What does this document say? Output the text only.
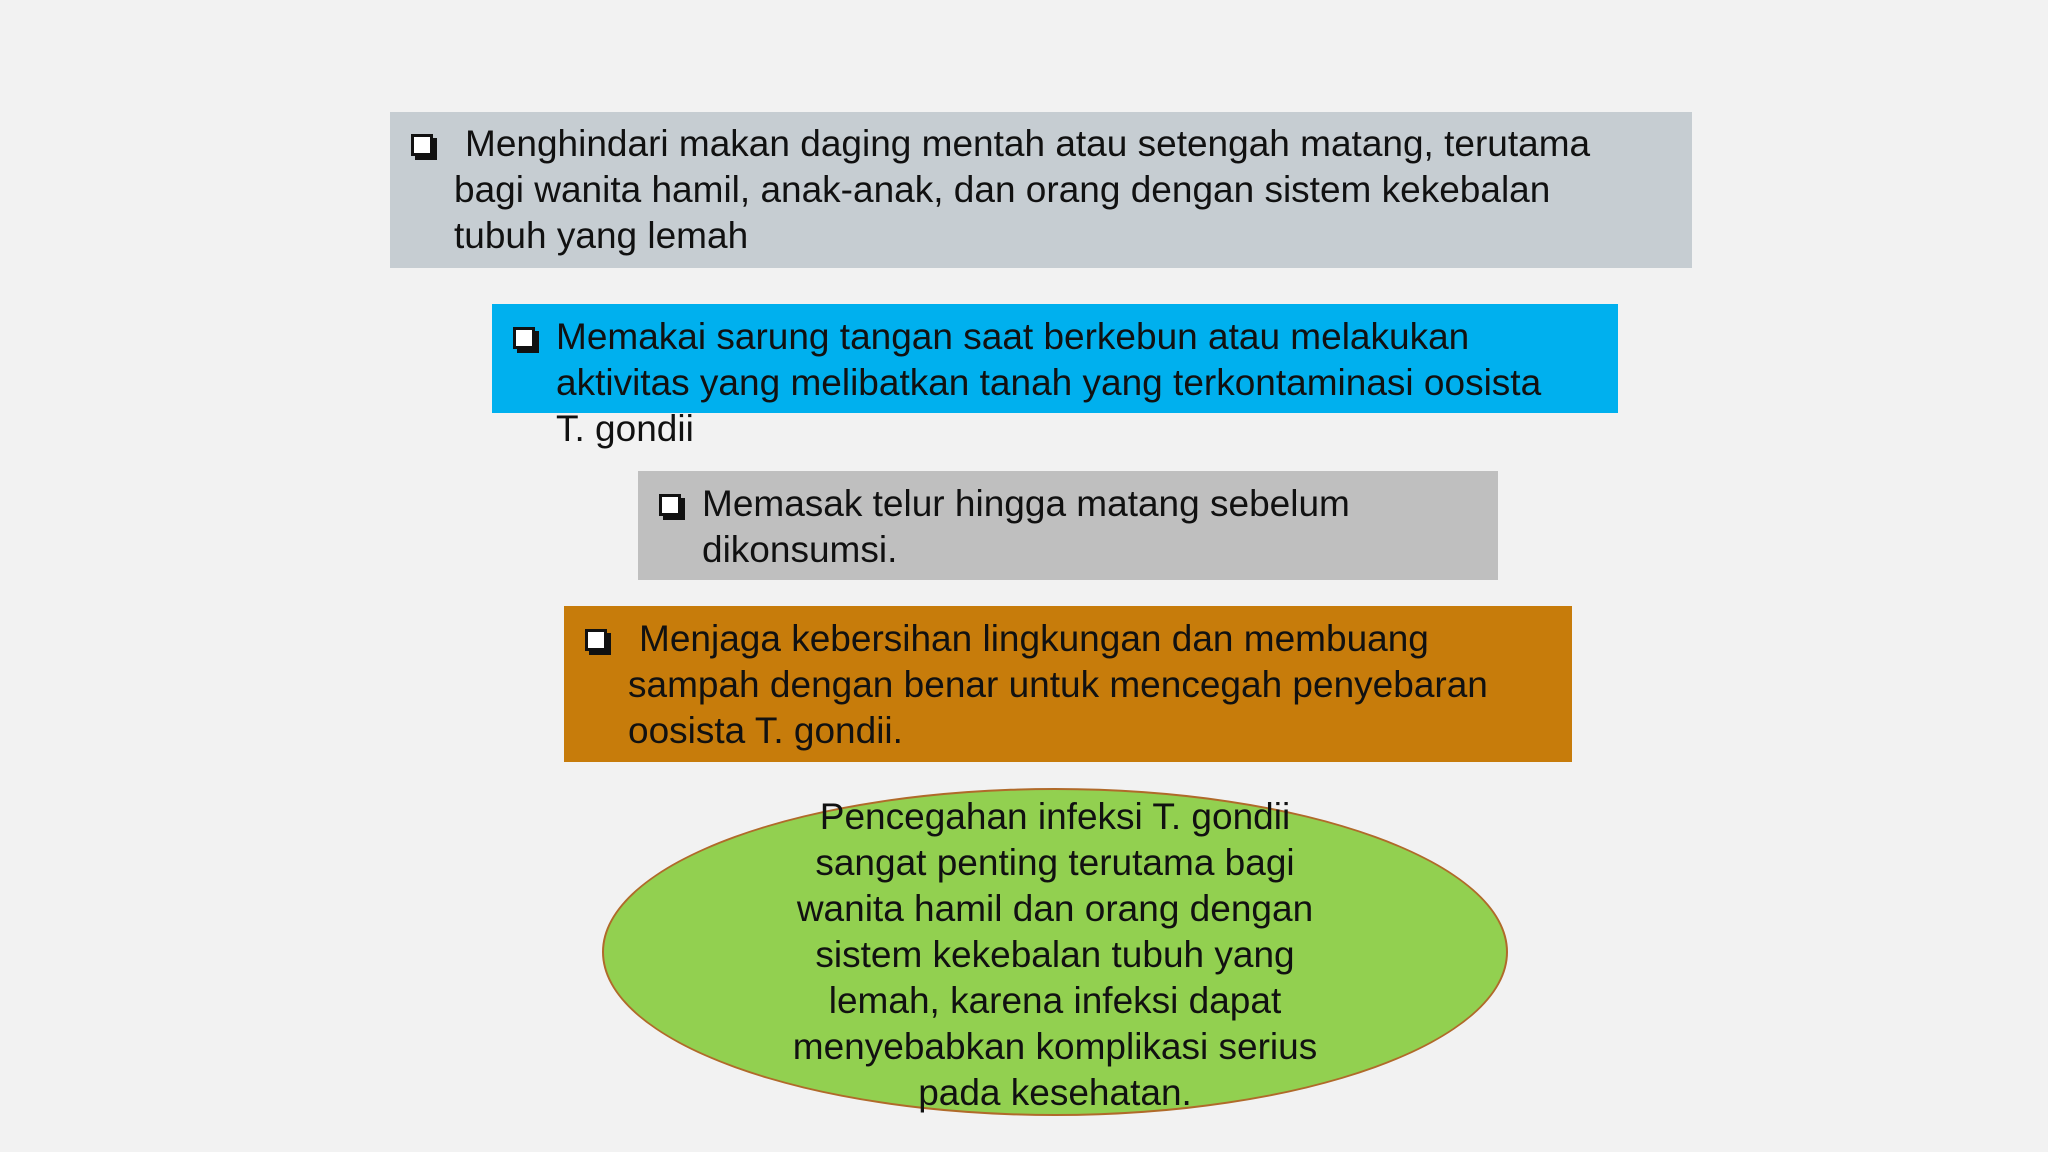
Menghindari makan daging mentah atau setengah matang, terutama
bagi wanita hamil, anak-anak, dan orang dengan sistem kekebalan
tubuh yang lemah
Memakai sarung tangan saat berkebun atau melakukan
aktivitas yang melibatkan tanah yang terkontaminasi oosista
T. gondii
Memasak telur hingga matang sebelum
dikonsumsi.
Menjaga kebersihan lingkungan dan membuang
sampah dengan benar untuk mencegah penyebaran
oosista T. gondii.
Pencegahan infeksi T. gondii
sangat penting terutama bagi
wanita hamil dan orang dengan
sistem kekebalan tubuh yang
lemah, karena infeksi dapat
menyebabkan komplikasi serius
pada kesehatan.
